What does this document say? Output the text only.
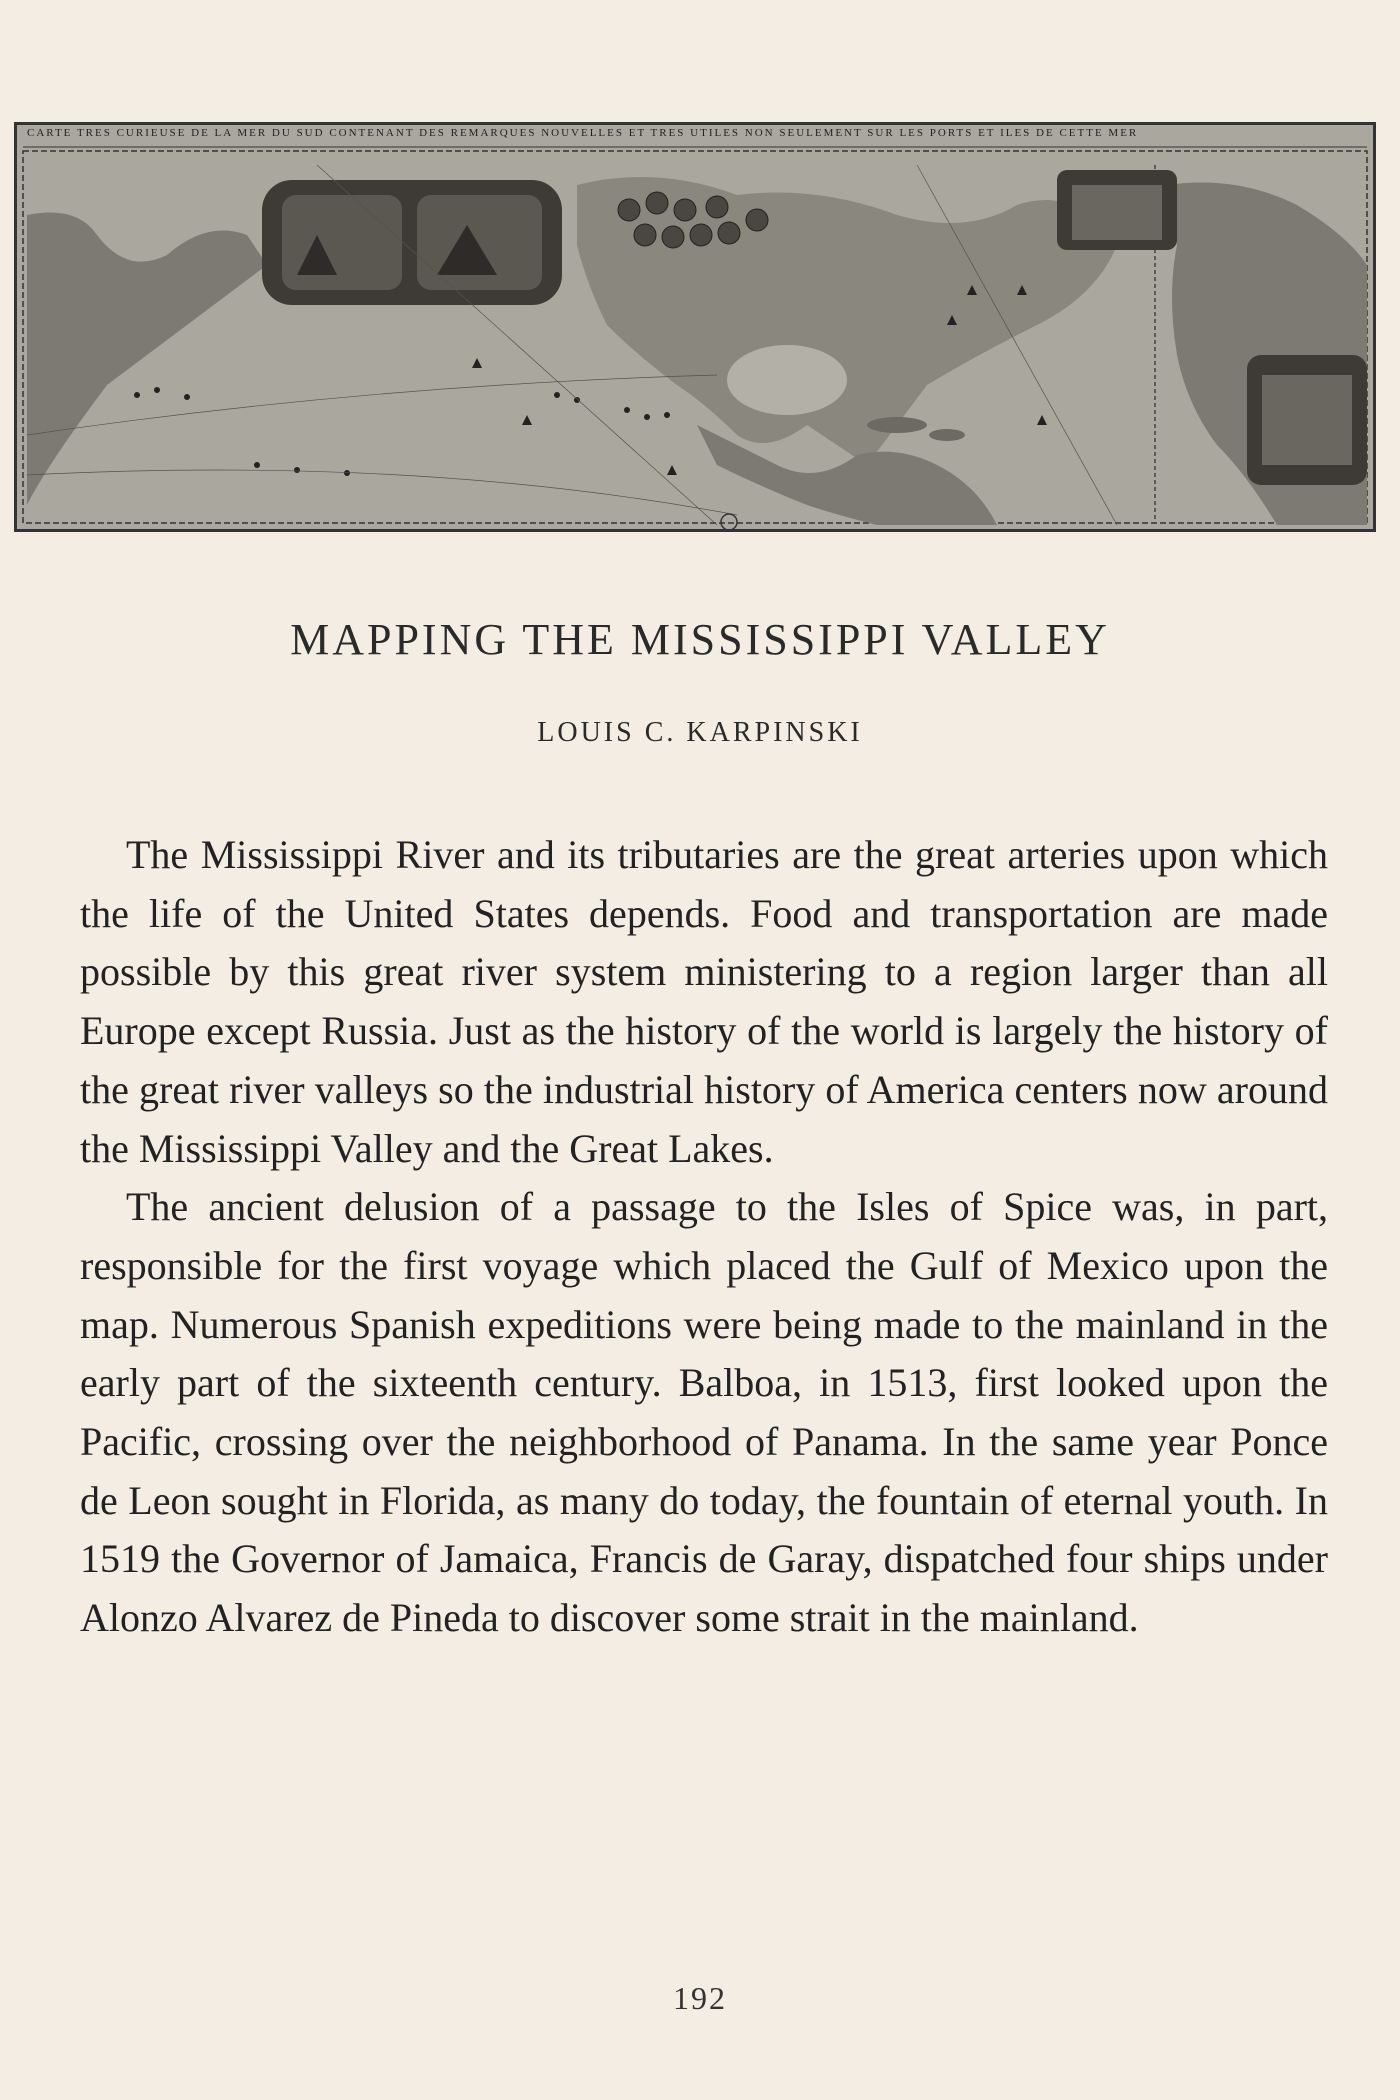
CARTE TRES CURIEUSE DE LA MER DU SUD CONTENANT DES REMARQUES NOUVELLES ET TRES UTILES NON SEULEMENT SUR LES PORTS ET ILES DE CETTE MER
MAPPING THE MISSISSIPPI VALLEY
LOUIS C. KARPINSKI

The Mississippi River and its tributaries are the great arteries upon which the life of the United States depends. Food and transportation are made possible by this great river system ministering to a region larger than all Europe except Russia. Just as the history of the world is largely the history of the great river valleys so the industrial history of America centers now around the Mississippi Valley and the Great Lakes.

The ancient delusion of a passage to the Isles of Spice was, in part, responsible for the first voyage which placed the Gulf of Mexico upon the map. Numerous Spanish expeditions were being made to the mainland in the early part of the sixteenth century. Balboa, in 1513, first looked upon the Pacific, crossing over the neighborhood of Panama. In the same year Ponce de Leon sought in Florida, as many do today, the fountain of eternal youth. In 1519 the Governor of Jamaica, Francis de Garay, dispatched four ships under Alonzo Alvarez de Pineda to discover some strait in the mainland.

192
